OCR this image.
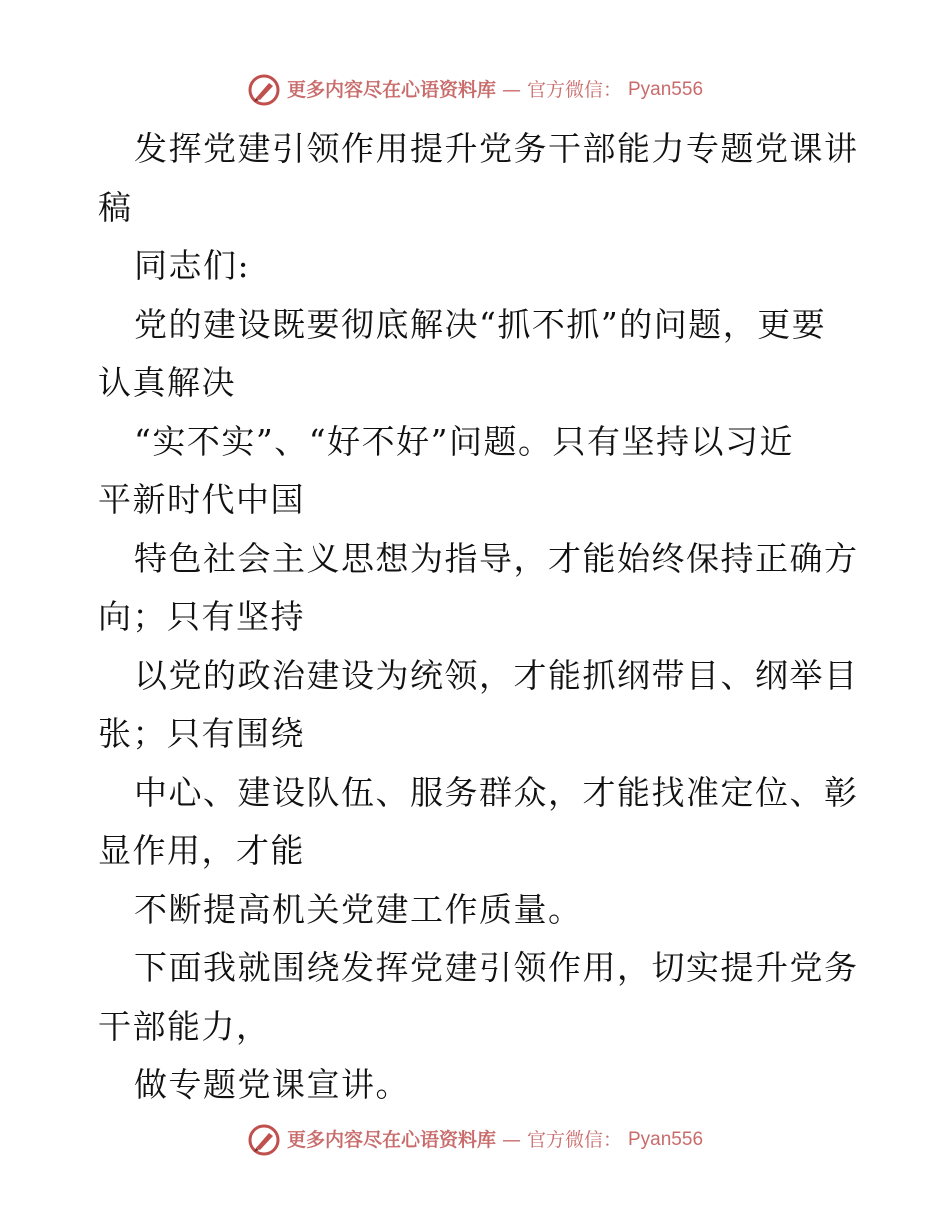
更多内容尽在心语资料库 — 官方微信： Pyan556
发挥党建引领作用提升党务干部能力专题党课讲
稿
同志们:
党的建设既要彻底解决“抓不抓”的问题，更要
认真解决
“实不实”、“好不好”问题。只有坚持以习近
平新时代中国
特色社会主义思想为指导，才能始终保持正确方
向；只有坚持
以党的政治建设为统领，才能抓纲带目、纲举目
张；只有围绕
中心、建设队伍、服务群众，才能找准定位、彰
显作用，才能
不断提高机关党建工作质量。
下面我就围绕发挥党建引领作用，切实提升党务
干部能力，
做专题党课宣讲。
更多内容尽在心语资料库 — 官方微信： Pyan556
